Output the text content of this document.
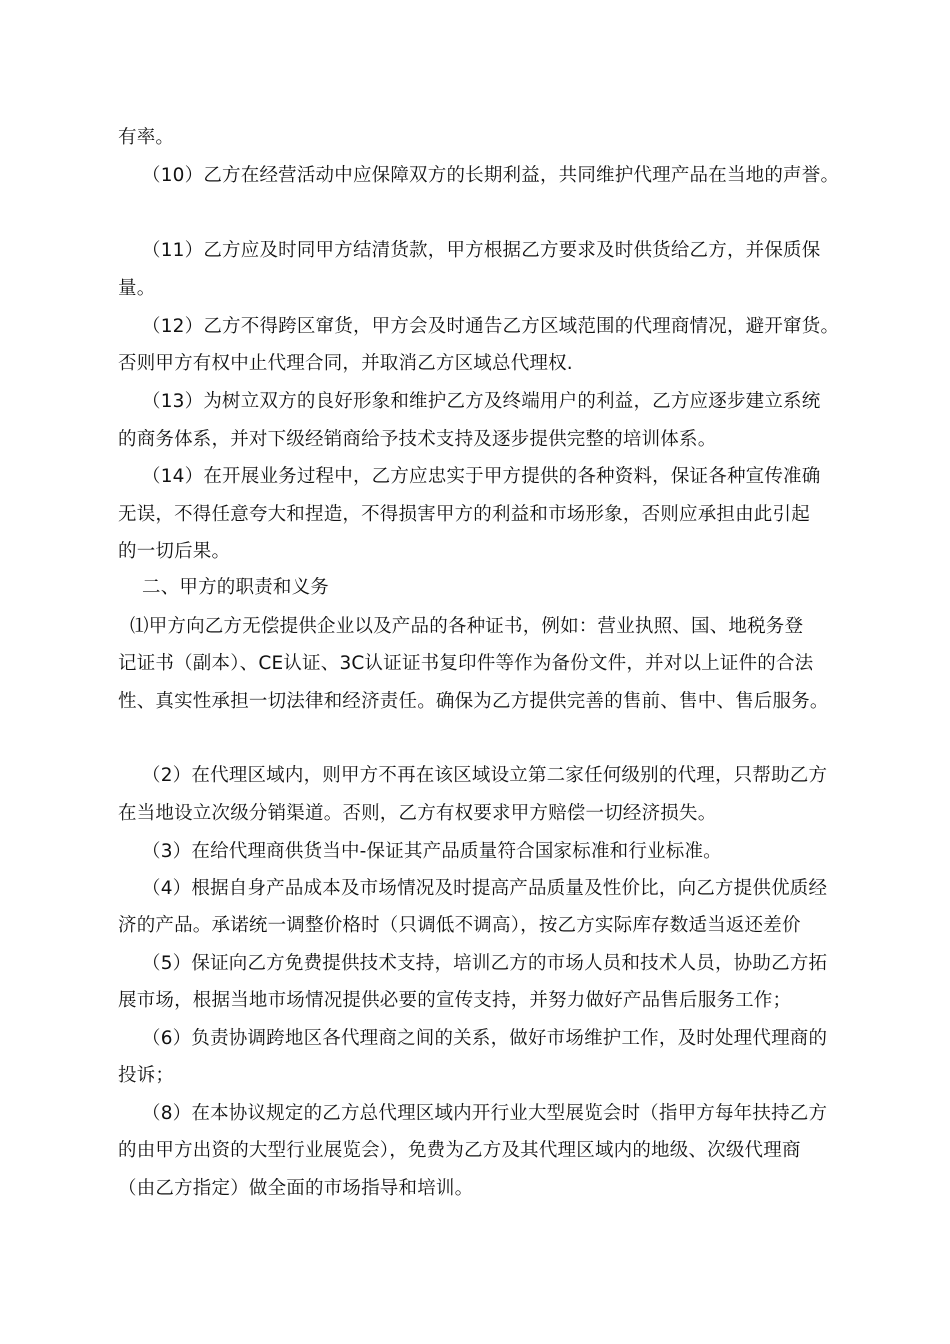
有率。
（10）乙方在经营活动中应保障双方的长期利益，共同维护代理产品在当地的声誉。
（11）乙方应及时同甲方结清货款，甲方根据乙方要求及时供货给乙方，并保质保
量。
（12）乙方不得跨区窜货，甲方会及时通告乙方区域范围的代理商情况，避开窜货。
否则甲方有权中止代理合同，并取消乙方区域总代理权.
（13）为树立双方的良好形象和维护乙方及终端用户的利益，乙方应逐步建立系统
的商务体系，并对下级经销商给予技术支持及逐步提供完整的培训体系。
（14）在开展业务过程中，乙方应忠实于甲方提供的各种资料，保证各种宣传准确
无误，不得任意夸大和捏造，不得损害甲方的利益和市场形象，否则应承担由此引起
的一切后果。
二、甲方的职责和义务
⑴甲方向乙方无偿提供企业以及产品的各种证书，例如：营业执照、国、地税务登
记证书（副本）、CE认证、3C认证证书复印件等作为备份文件，并对以上证件的合法
性、真实性承担一切法律和经济责任。确保为乙方提供完善的售前、售中、售后服务。
（2）在代理区域内，则甲方不再在该区域设立第二家任何级别的代理，只帮助乙方
在当地设立次级分销渠道。否则，乙方有权要求甲方赔偿一切经济损失。
（3）在给代理商供货当中-保证其产品质量符合国家标准和行业标准。
（4）根据自身产品成本及市场情况及时提高产品质量及性价比，向乙方提供优质经
济的产品。承诺统一调整价格时（只调低不调高），按乙方实际库存数适当返还差价
（5）保证向乙方免费提供技术支持，培训乙方的市场人员和技术人员，协助乙方拓
展市场，根据当地市场情况提供必要的宣传支持，并努力做好产品售后服务工作；
（6）负责协调跨地区各代理商之间的关系，做好市场维护工作，及时处理代理商的
投诉；
（8）在本协议规定的乙方总代理区域内开行业大型展览会时（指甲方每年扶持乙方
的由甲方出资的大型行业展览会），免费为乙方及其代理区域内的地级、次级代理商
（由乙方指定）做全面的市场指导和培训。
